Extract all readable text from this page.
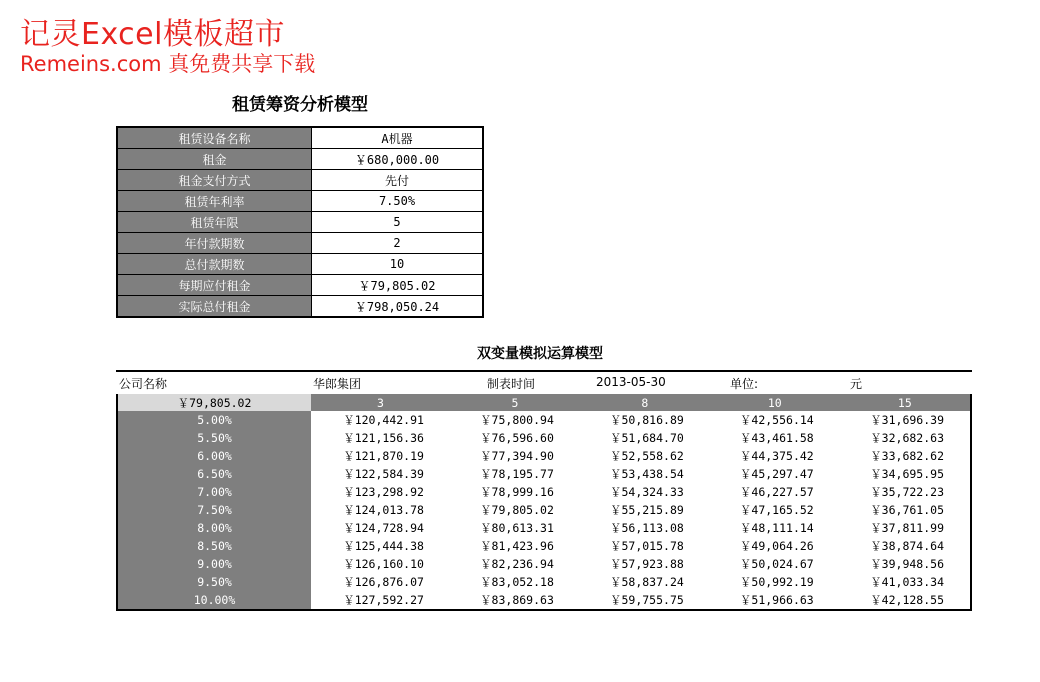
记灵Excel模板超市
Remeins.com 真免费共享下载
租赁筹资分析模型
租赁设备名称	A机器
租金	￥680,000.00
租金支付方式	先付
租赁年利率	7.50%
租赁年限	5
年付款期数	2
总付款期数	10
每期应付租金	￥79,805.02
实际总付租金	￥798,050.24
双变量模拟运算模型
公司名称	华郎集团	制表时间	2013-05-30	单位:	元
￥79,805.02	3	5	8	10	15
5.00%	￥120,442.91	￥75,800.94	￥50,816.89	￥42,556.14	￥31,696.39
5.50%	￥121,156.36	￥76,596.60	￥51,684.70	￥43,461.58	￥32,682.63
6.00%	￥121,870.19	￥77,394.90	￥52,558.62	￥44,375.42	￥33,682.62
6.50%	￥122,584.39	￥78,195.77	￥53,438.54	￥45,297.47	￥34,695.95
7.00%	￥123,298.92	￥78,999.16	￥54,324.33	￥46,227.57	￥35,722.23
7.50%	￥124,013.78	￥79,805.02	￥55,215.89	￥47,165.52	￥36,761.05
8.00%	￥124,728.94	￥80,613.31	￥56,113.08	￥48,111.14	￥37,811.99
8.50%	￥125,444.38	￥81,423.96	￥57,015.78	￥49,064.26	￥38,874.64
9.00%	￥126,160.10	￥82,236.94	￥57,923.88	￥50,024.67	￥39,948.56
9.50%	￥126,876.07	￥83,052.18	￥58,837.24	￥50,992.19	￥41,033.34
10.00%	￥127,592.27	￥83,869.63	￥59,755.75	￥51,966.63	￥42,128.55
